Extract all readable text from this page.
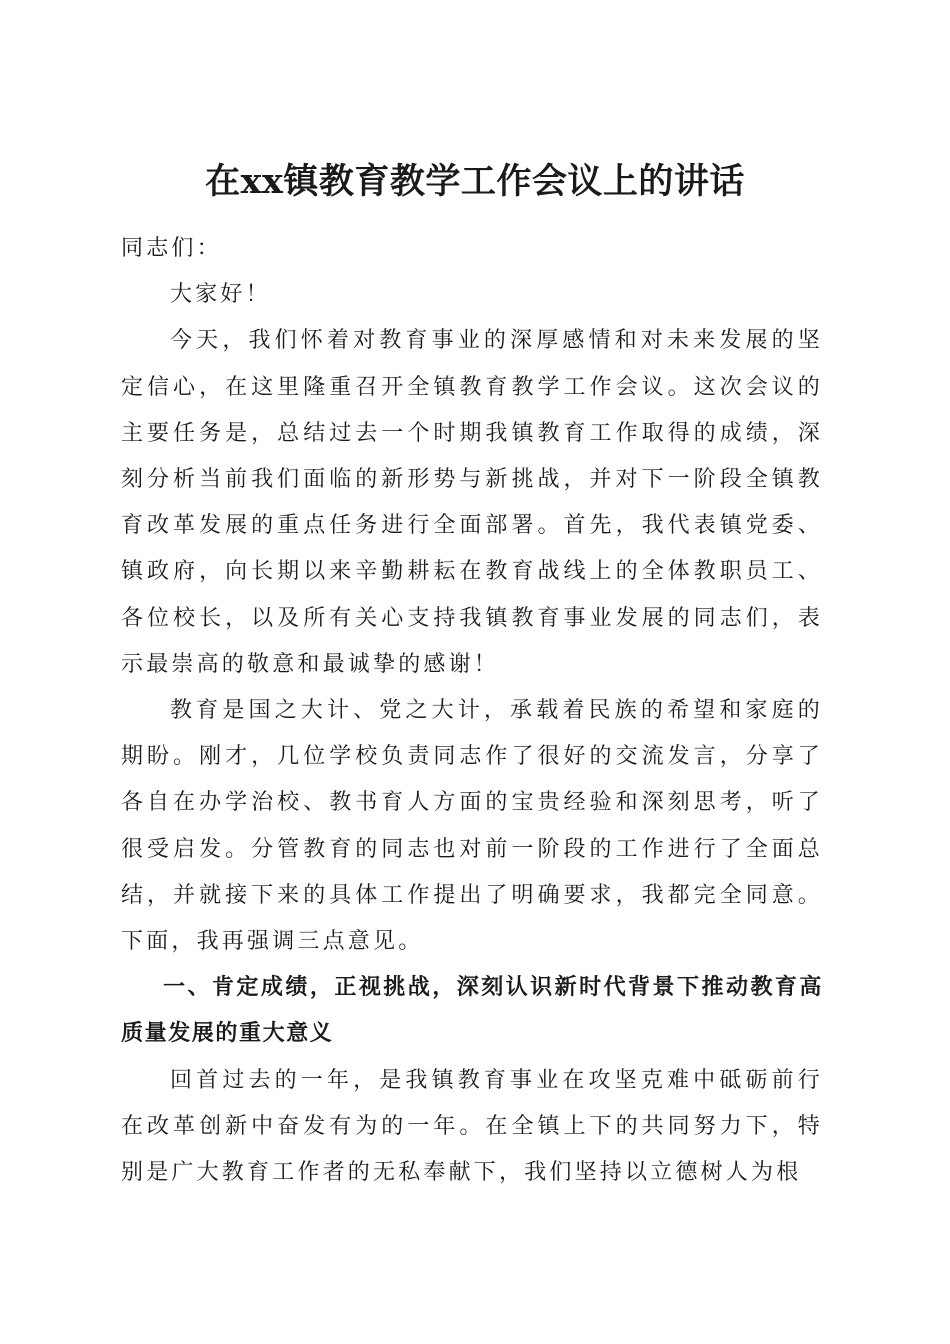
在xx镇教育教学工作会议上的讲话

同志们：

大家好！

今天，我们怀着对教育事业的深厚感情和对未来发展的坚定信心，在这里隆重召开全镇教育教学工作会议。这次会议的主要任务是，总结过去一个时期我镇教育工作取得的成绩，深刻分析当前我们面临的新形势与新挑战，并对下一阶段全镇教育改革发展的重点任务进行全面部署。首先，我代表镇党委、镇政府，向长期以来辛勤耕耘在教育战线上的全体教职员工、各位校长，以及所有关心支持我镇教育事业发展的同志们，表示最崇高的敬意和最诚挚的感谢！

教育是国之大计、党之大计，承载着民族的希望和家庭的期盼。刚才，几位学校负责同志作了很好的交流发言，分享了各自在办学治校、教书育人方面的宝贵经验和深刻思考，听了很受启发。分管教育的同志也对前一阶段的工作进行了全面总结，并就接下来的具体工作提出了明确要求，我都完全同意。下面，我再强调三点意见。

一、肯定成绩，正视挑战，深刻认识新时代背景下推动教育高质量发展的重大意义

回首过去的一年，是我镇教育事业在攻坚克难中砥砺前行在改革创新中奋发有为的一年。在全镇上下的共同努力下，特别是广大教育工作者的无私奉献下，我们坚持以立德树人为根
